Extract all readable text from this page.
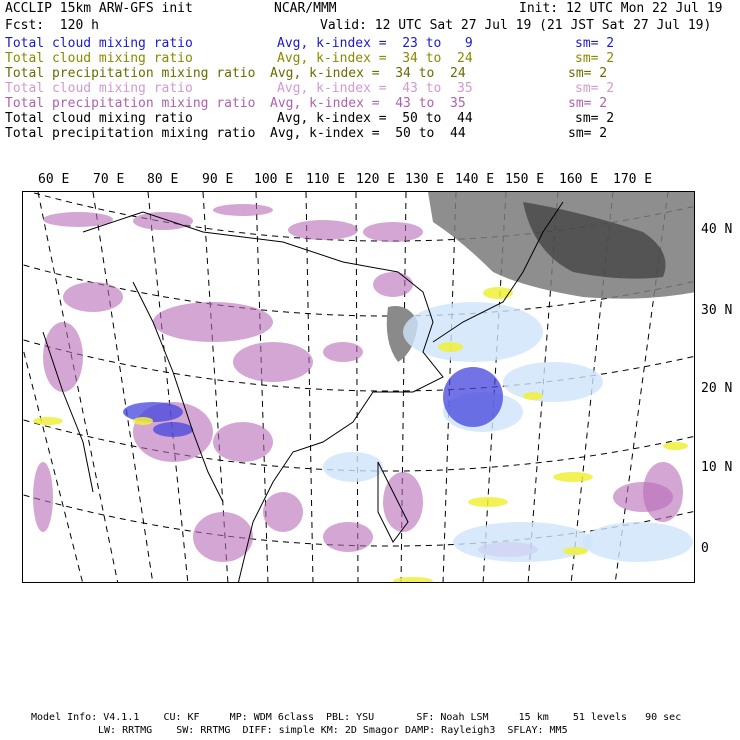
ACCLIP 15km ARW-GFS init	NCAR/MMM	Init: 12 UTC Mon 22 Jul 19
Fcst:  120 h	Valid: 12 UTC Sat 27 Jul 19 (21 JST Sat 27 Jul 19)
Total cloud mixing ratio	Avg, k-index =  23 to   9	sm= 2
Total cloud mixing ratio	Avg, k-index =  34 to  24	sm= 2
Total precipitation mixing ratio Avg, k-index =  34 to  24	sm= 2
Total cloud mixing ratio	Avg, k-index =  43 to  35	sm= 2
Total precipitation mixing ratio Avg, k-index =  43 to  35	sm= 2
Total cloud mixing ratio	Avg, k-index =  50 to  44	sm= 2
Total precipitation mixing ratio Avg, k-index =  50 to  44	sm= 2
60 E 70 E 80 E 90 E 100 E 110 E 120 E 130 E 140 E 150 E 160 E 170 E
40 N
30 N
20 N
10 N
0
Model Info: V4.1.1    CU: KF     MP: WDM 6class  PBL: YSU       SF: Noah LSM     15 km    51 levels   90 sec
LW: RRTMG    SW: RRTMG  DIFF: simple KM: 2D Smagor DAMP: Rayleigh3  SFLAY: MM5
